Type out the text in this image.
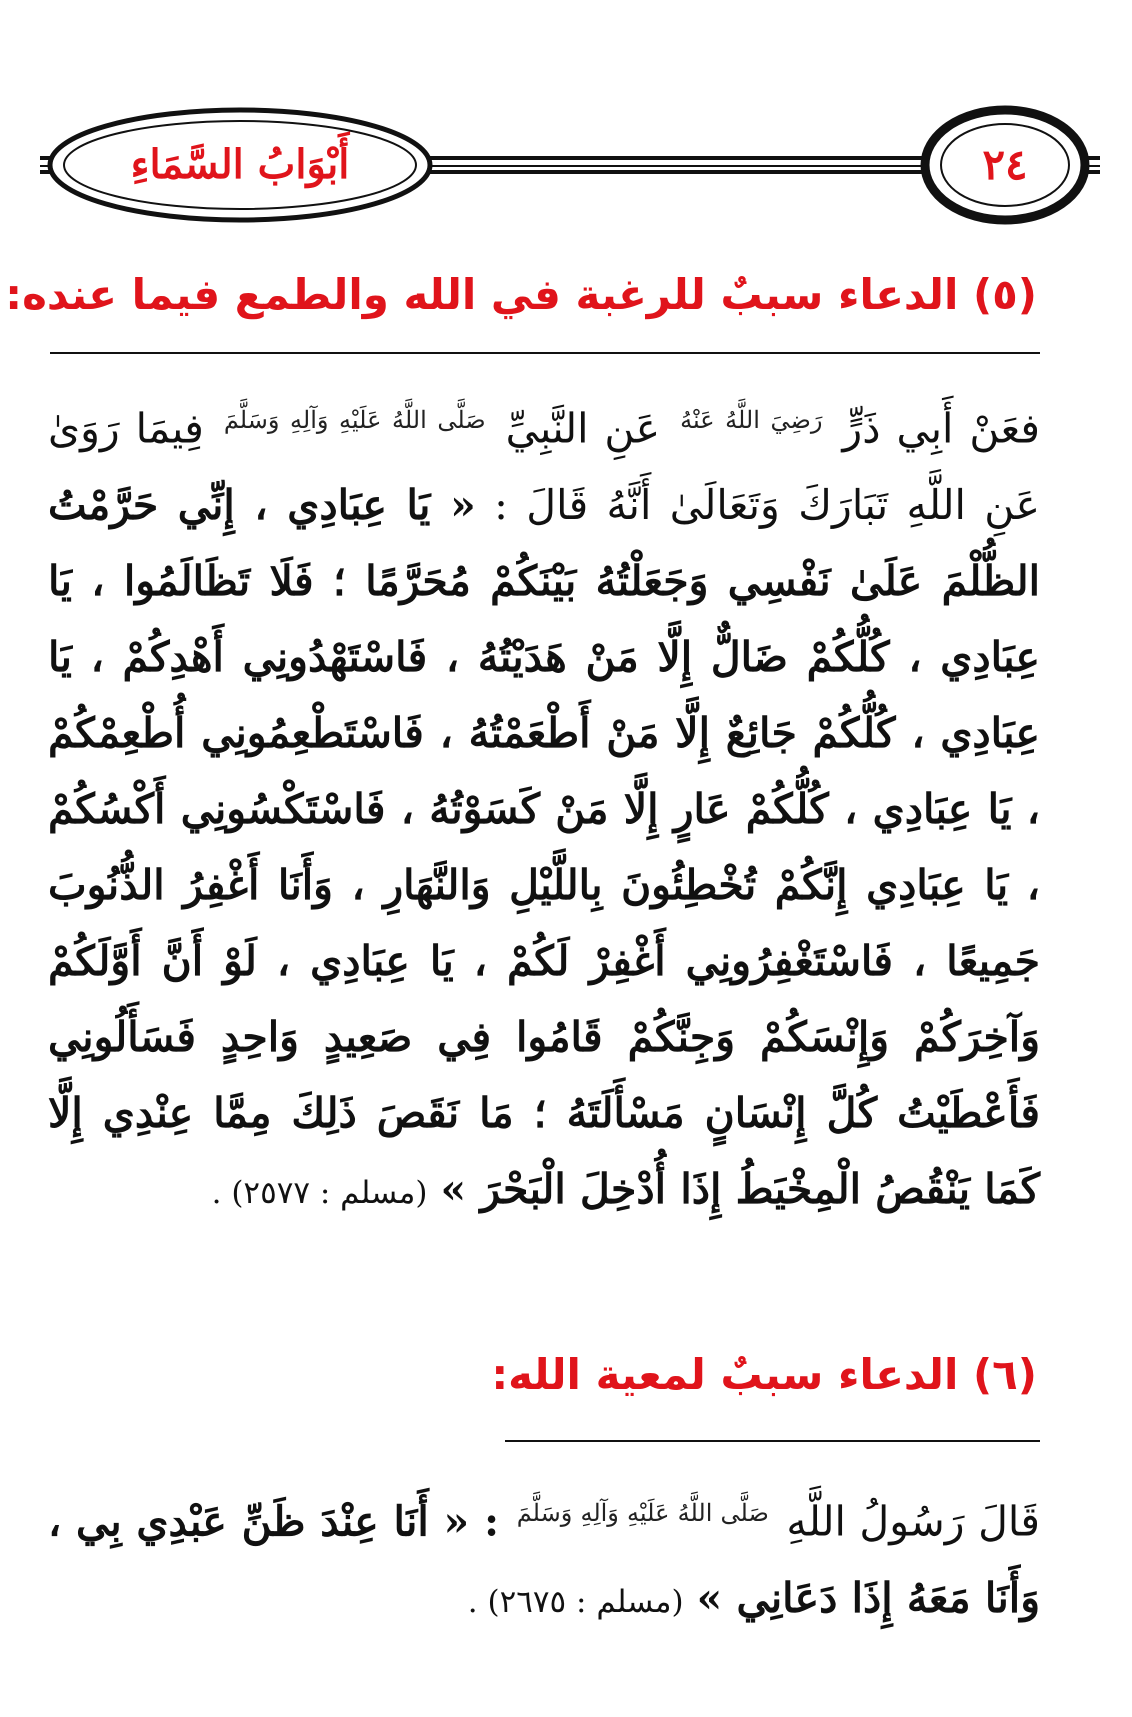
أَبْوَابُ السَّمَاءِ	٢٤
(٥) الدعاء سببٌ للرغبة في الله والطمع فيما عنده:
فعَنْ أَبِي ذَرٍّ $^{رَضِيَ اللَّهُ عَنْهُ}$ عَنِ النَّبِيِّ $^{صَلَّى اللَّهُ عَلَيْهِ وَآلِهِ وَسَلَّمَ}$ فِيمَا رَوَىٰ عَنِ اللَّهِ تَبَارَكَ وَتَعَالَىٰ أَنَّهُ قَالَ : « يَا عِبَادِي ، إِنِّي حَرَّمْتُ الظُّلْمَ عَلَىٰ نَفْسِي وَجَعَلْتُهُ بَيْنَكُمْ مُحَرَّمًا ؛ فَلَا تَظَالَمُوا ، يَا عِبَادِي ، كُلُّكُمْ ضَالٌّ إِلَّا مَنْ هَدَيْتُهُ ، فَاسْتَهْدُونِي أَهْدِكُمْ ، يَا عِبَادِي ، كُلُّكُمْ جَائِعٌ إِلَّا مَنْ أَطْعَمْتُهُ ، فَاسْتَطْعِمُونِي أُطْعِمْكُمْ ، يَا عِبَادِي ، كُلُّكُمْ عَارٍ إِلَّا مَنْ كَسَوْتُهُ ، فَاسْتَكْسُونِي أَكْسُكُمْ ، يَا عِبَادِي إِنَّكُمْ تُخْطِئُونَ بِاللَّيْلِ وَالنَّهَارِ ، وَأَنَا أَغْفِرُ الذُّنُوبَ جَمِيعًا ، فَاسْتَغْفِرُونِي أَغْفِرْ لَكُمْ ، يَا عِبَادِي ، لَوْ أَنَّ أَوَّلَكُمْ وَآخِرَكُمْ وَإِنْسَكُمْ وَجِنَّكُمْ قَامُوا فِي صَعِيدٍ وَاحِدٍ فَسَأَلُونِي فَأَعْطَيْتُ كُلَّ إِنْسَانٍ مَسْأَلَتَهُ ؛ مَا نَقَصَ ذَلِكَ مِمَّا عِنْدِي إِلَّا كَمَا يَنْقُصُ الْمِخْيَطُ إِذَا أُدْخِلَ الْبَحْرَ » (مسلم : ٢٥٧٧) .
(٦) الدعاء سببٌ لمعية الله:
قَالَ رَسُولُ اللَّهِ $^{صَلَّى اللَّهُ عَلَيْهِ وَآلِهِ وَسَلَّمَ}$ : « أَنَا عِنْدَ ظَنِّ عَبْدِي بِي ، وَأَنَا مَعَهُ إِذَا دَعَانِي » (مسلم : ٢٦٧٥) .
